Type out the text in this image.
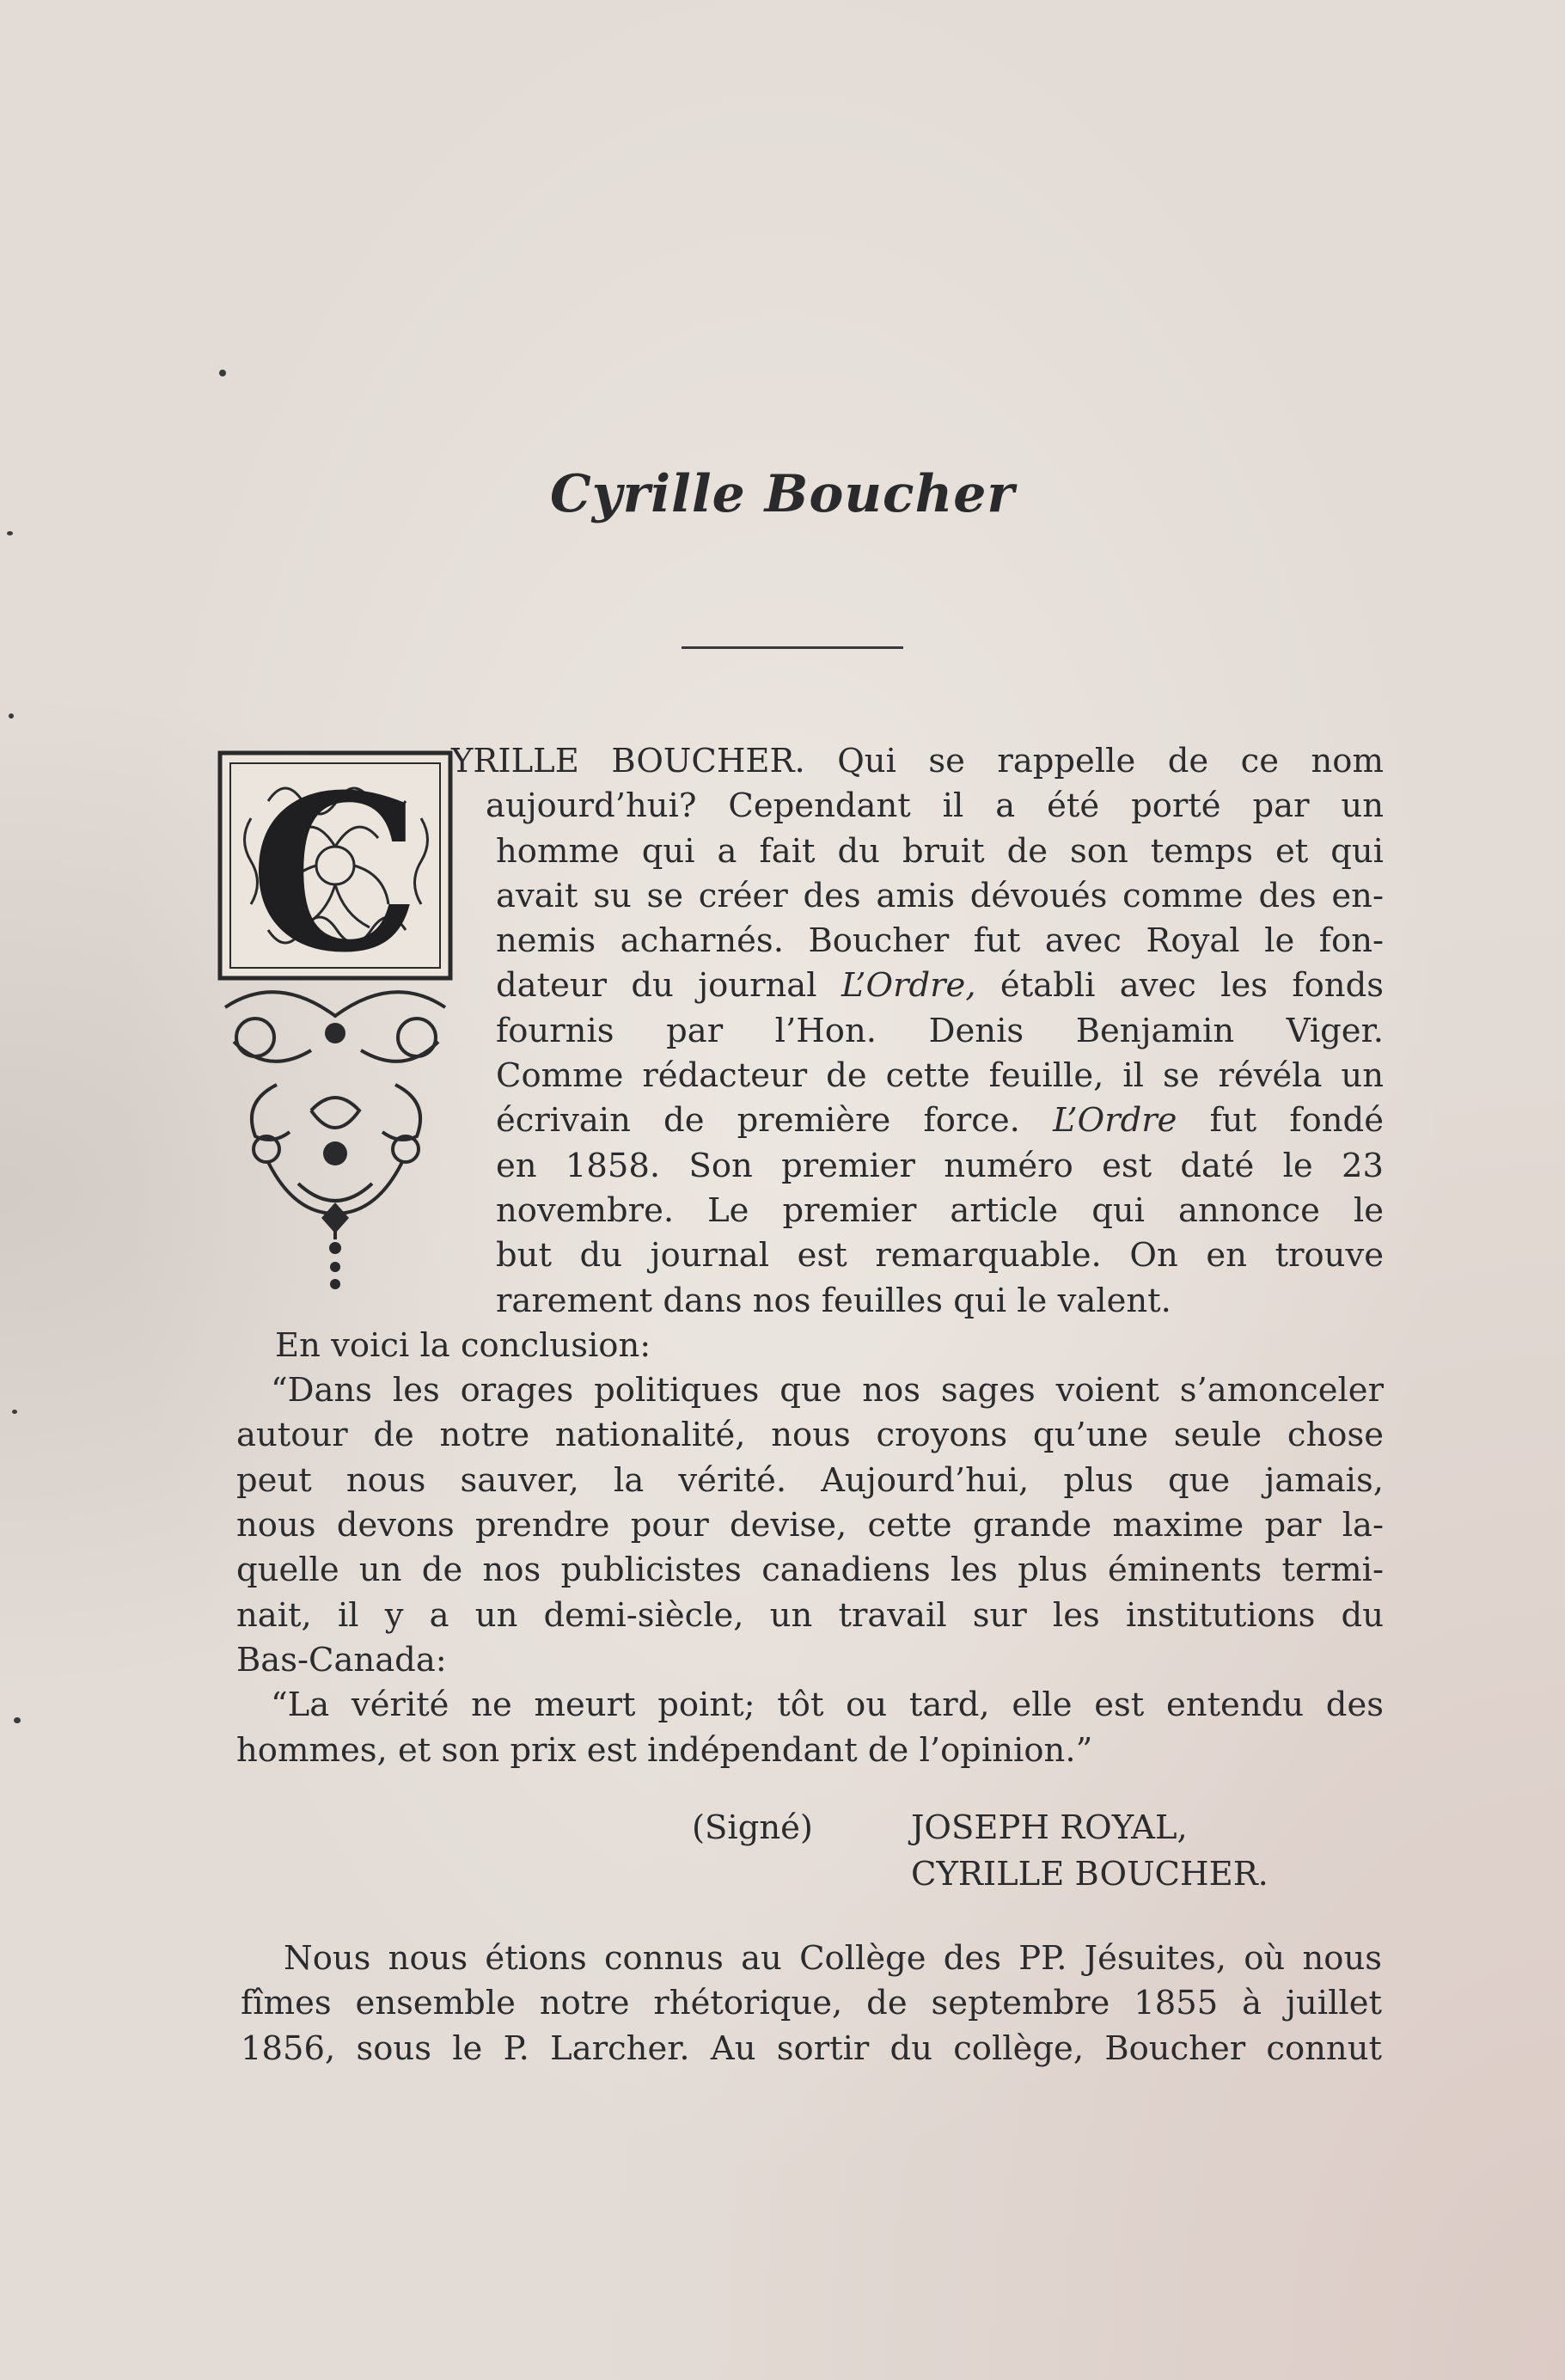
Cyrille Boucher
C YRILLE BOUCHER. Qui se rappelle de ce nom
aujourd’hui? Cependant il a été porté par un
homme qui a fait du bruit de son temps et qui
avait su se créer des amis dévoués comme des en-
nemis acharnés. Boucher fut avec Royal le fon-
dateur du journal L’Ordre, établi avec les fonds
fournis par l’Hon. Denis Benjamin Viger.
Comme rédacteur de cette feuille, il se révéla un
écrivain de première force. L’Ordre fut fondé
en 1858. Son premier numéro est daté le 23
novembre. Le premier article qui annonce le
but du journal est remarquable. On en trouve
rarement dans nos feuilles qui le valent.
En voici la conclusion:
“Dans les orages politiques que nos sages voient s’amonceler
autour de notre nationalité, nous croyons qu’une seule chose
peut nous sauver, la vérité. Aujourd’hui, plus que jamais,
nous devons prendre pour devise, cette grande maxime par la-
quelle un de nos publicistes canadiens les plus éminents termi-
nait, il y a un demi-siècle, un travail sur les institutions du
Bas-Canada:
“La vérité ne meurt point; tôt ou tard, elle est entendu des
hommes, et son prix est indépendant de l’opinion.”
(Signé)	JOSEPH ROYAL,
CYRILLE BOUCHER.
Nous nous étions connus au Collège des PP. Jésuites, où nous
fîmes ensemble notre rhétorique, de septembre 1855 à juillet
1856, sous le P. Larcher. Au sortir du collège, Boucher connut
